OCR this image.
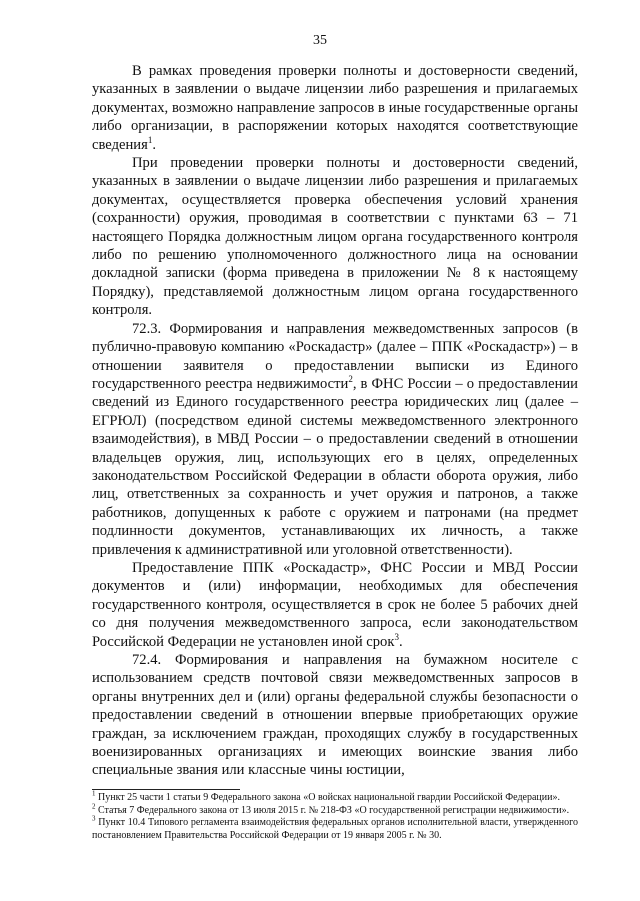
35

В рамках проведения проверки полноты и достоверности сведений, указанных в заявлении о выдаче лицензии либо разрешения и прилагаемых документах, возможно направление запросов в иные государственные органы либо организации, в распоряжении которых находятся соответствующие сведения$^1$.

При проведении проверки полноты и достоверности сведений, указанных в заявлении о выдаче лицензии либо разрешения и прилагаемых документах, осуществляется проверка обеспечения условий хранения (сохранности) оружия, проводимая в соответствии с пунктами 63 – 71 настоящего Порядка должностным лицом органа государственного контроля либо по решению уполномоченного должностного лица на основании докладной записки (форма приведена в приложении № 8 к настоящему Порядку), представляемой должностным лицом органа государственного контроля.

72.3. Формирования и направления межведомственных запросов (в публично-правовую компанию «Роскадастр» (далее – ППК «Роскадастр») – в отношении заявителя о предоставлении выписки из Единого государственного реестра недвижимости$^2$, в ФНС России – о предоставлении сведений из Единого государственного реестра юридических лиц (далее – ЕГРЮЛ) (посредством единой системы межведомственного электронного взаимодействия), в МВД России – о предоставлении сведений в отношении владельцев оружия, лиц, использующих его в целях, определенных законодательством Российской Федерации в области оборота оружия, либо лиц, ответственных за сохранность и учет оружия и патронов, а также работников, допущенных к работе с оружием и патронами (на предмет подлинности документов, устанавливающих их личность, а также привлечения к административной или уголовной ответственности).

Предоставление ППК «Роскадастр», ФНС России и МВД России документов и (или) информации, необходимых для обеспечения государственного контроля, осуществляется в срок не более 5 рабочих дней со дня получения межведомственного запроса, если законодательством Российской Федерации не установлен иной срок$^3$.

72.4. Формирования и направления на бумажном носителе с использованием средств почтовой связи межведомственных запросов в органы внутренних дел и (или) органы федеральной службы безопасности о предоставлении сведений в отношении впервые приобретающих оружие граждан, за исключением граждан, проходящих службу в государственных военизированных организациях и имеющих воинские звания либо специальные звания или классные чины юстиции,

$^1$ Пункт 25 части 1 статьи 9 Федерального закона «О войсках национальной гвардии Российской Федерации».
$^2$ Статья 7 Федерального закона от 13 июля 2015 г. № 218-ФЗ «О государственной регистрации недвижимости».
$^3$ Пункт 10.4 Типового регламента взаимодействия федеральных органов исполнительной власти, утвержденного постановлением Правительства Российской Федерации от 19 января 2005 г. № 30.
